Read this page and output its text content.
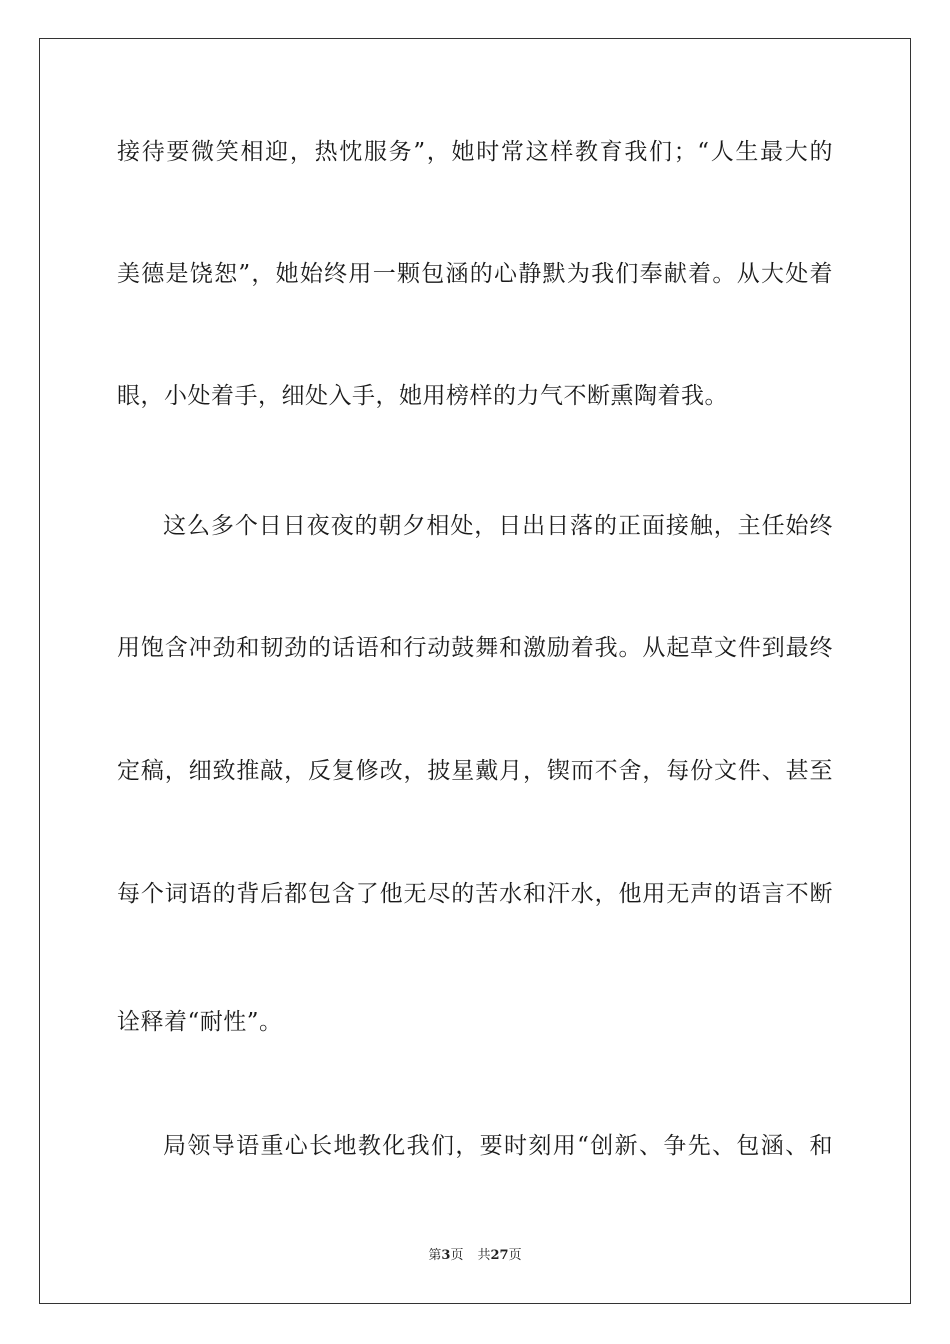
接待要微笑相迎，热忱服务”，她时常这样教育我们；“人生最大的
美德是饶恕”，她始终用一颗包涵的心静默为我们奉献着。从大处着
眼，小处着手，细处入手，她用榜样的力气不断熏陶着我。
这么多个日日夜夜的朝夕相处，日出日落的正面接触，主任始终
用饱含冲劲和韧劲的话语和行动鼓舞和激励着我。从起草文件到最终
定稿，细致推敲，反复修改，披星戴月，锲而不舍，每份文件、甚至
每个词语的背后都包含了他无尽的苦水和汗水，他用无声的语言不断
诠释着“耐性”。
局领导语重心长地教化我们，要时刻用“创新、争先、包涵、和
第3页 共27页
